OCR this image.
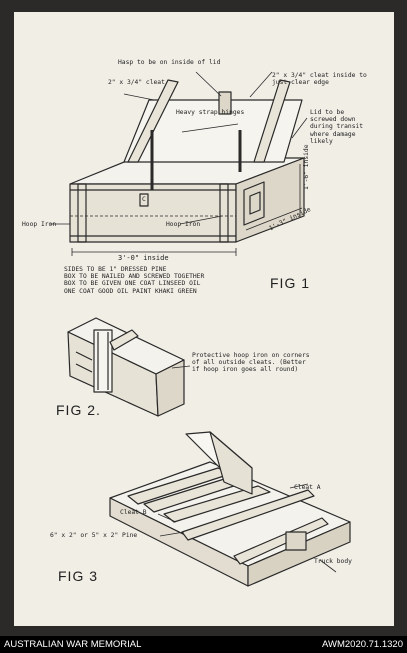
Hasp to be on inside of lid
2" x 3/4" cleat
2" x 3/4" cleat inside to
just clear edge
Heavy strap hinges	Lid to be
screwed down
during transit
where damage
likely
Hoop Iron	Hoop Iron
3'-0" inside
1'-6" inside
1'-3" inside
C
SIDES TO BE 1" DRESSED PINE
BOX TO BE NAILED AND SCREWED TOGETHER
BOX TO BE GIVEN ONE COAT LINSEED OIL
ONE COAT GOOD OIL PAINT KHAKI GREEN
Protective hoop iron on corners
of all outside cleats. (Better
if hoop iron goes all round)
Cleat A
Cleat B
6" x 2" or 5" x 2" Pine
Truck body
FIG 1
FIG 2.
FIG 3
AUSTRALIAN WAR MEMORIAL	AWM2020.71.1320
